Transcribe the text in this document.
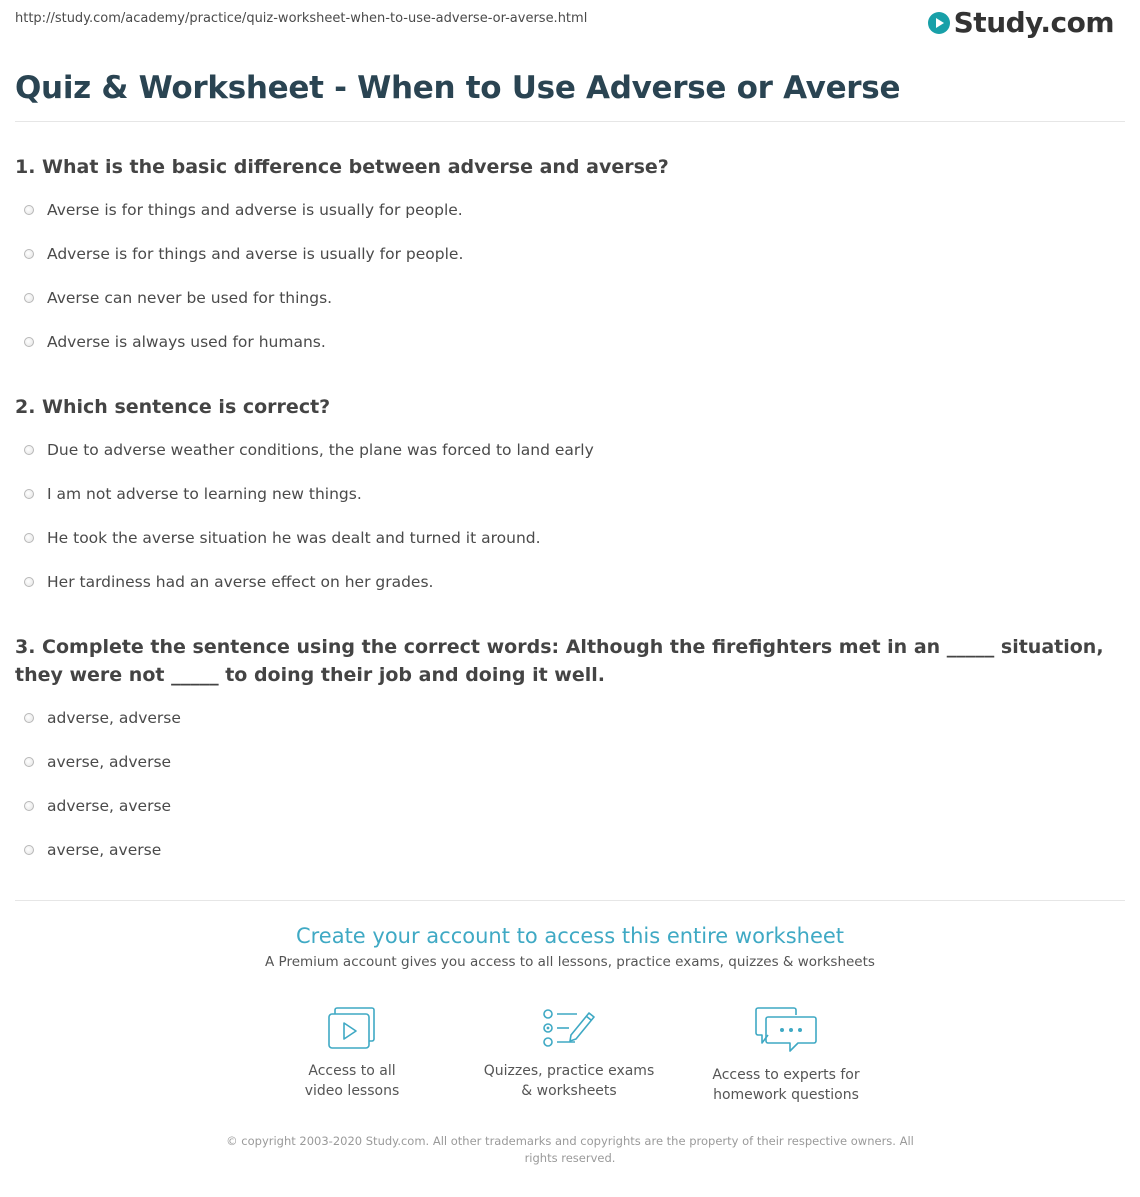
http://study.com/academy/practice/quiz-worksheet-when-to-use-adverse-or-averse.html	Study.com
Quiz & Worksheet - When to Use Adverse or Averse

1. What is the basic difference between adverse and averse?

Averse is for things and adverse is usually for people.
Adverse is for things and averse is usually for people.
Averse can never be used for things.
Adverse is always used for humans.

2. Which sentence is correct?

Due to adverse weather conditions, the plane was forced to land early
I am not adverse to learning new things.
He took the averse situation he was dealt and turned it around.
Her tardiness had an averse effect on her grades.

3. Complete the sentence using the correct words: Although the firefighters met in an _____ situation, they were not _____ to doing their job and doing it well.

adverse, adverse
averse, adverse
adverse, averse
averse, averse

Create your account to access this entire worksheet

A Premium account gives you access to all lessons, practice exams, quizzes & worksheets
Access to all
video lessons
Quizzes, practice exams
& worksheets
Access to experts for
homework questions
© copyright 2003-2020 Study.com. All other trademarks and copyrights are the property of their respective owners. All rights reserved.
